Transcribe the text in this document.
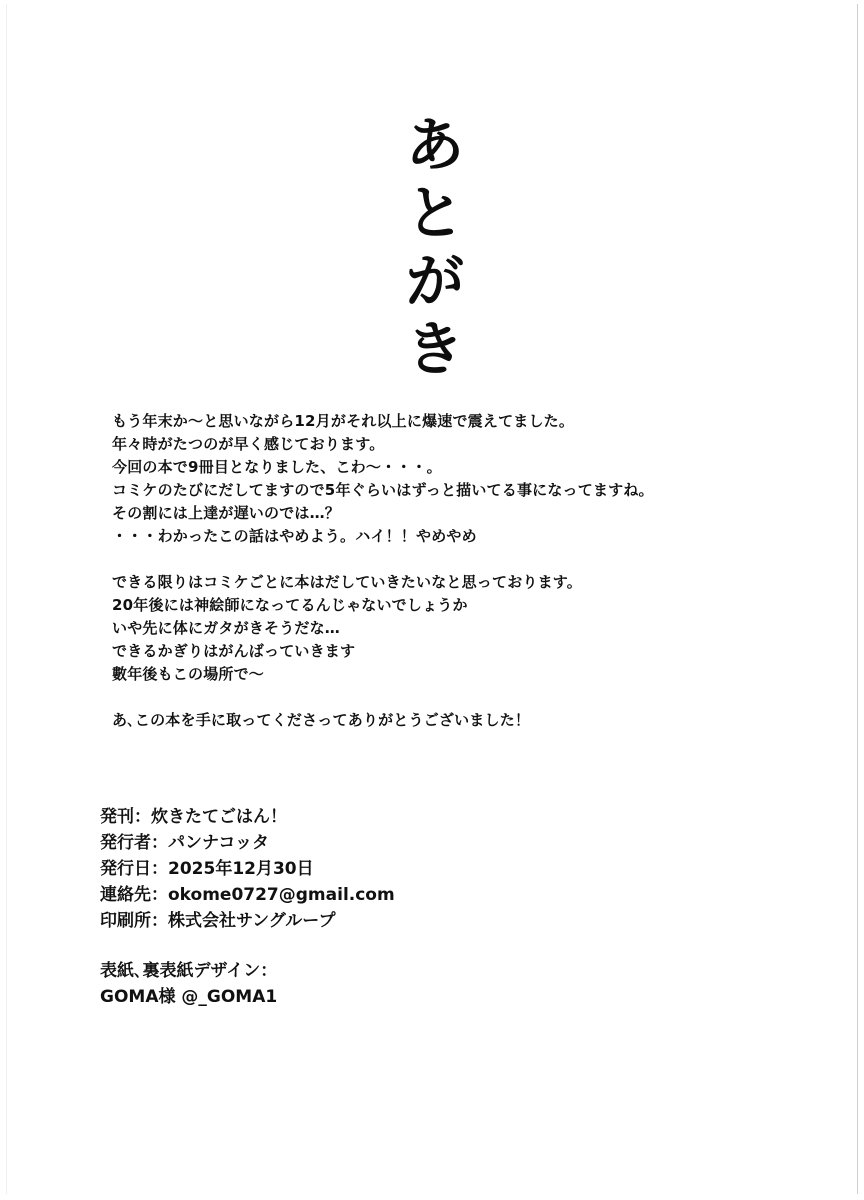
あ
と
が
き
もう年末か～と思いながら12月がそれ以上に爆速で震えてました。
年々時がたつのが早く感じております。
今回の本で9冊目となりました、こわ～・・・。
コミケのたびにだしてますので5年ぐらいはずっと描いてる事になってますね。
その割には上達が遅いのでは…？
・・・わかったこの話はやめよう。ハイ！！やめやめ
できる限りはコミケごとに本はだしていきたいなと思っております。
20年後には神絵師になってるんじゃないでしょうか
いや先に体にガタがきそうだな…
できるかぎりはがんばっていきます
數年後もこの場所で～
あ､この本を手に取ってくださってありがとうございました！
発刊：炊きたてごはん！
発行者：パンナコッタ
発行日：2025年12月30日
連絡先：okome0727@gmail.com
印刷所：株式会社サングループ
表紙､裏表紙デザイン：
GOMA様 @_GOMA1
